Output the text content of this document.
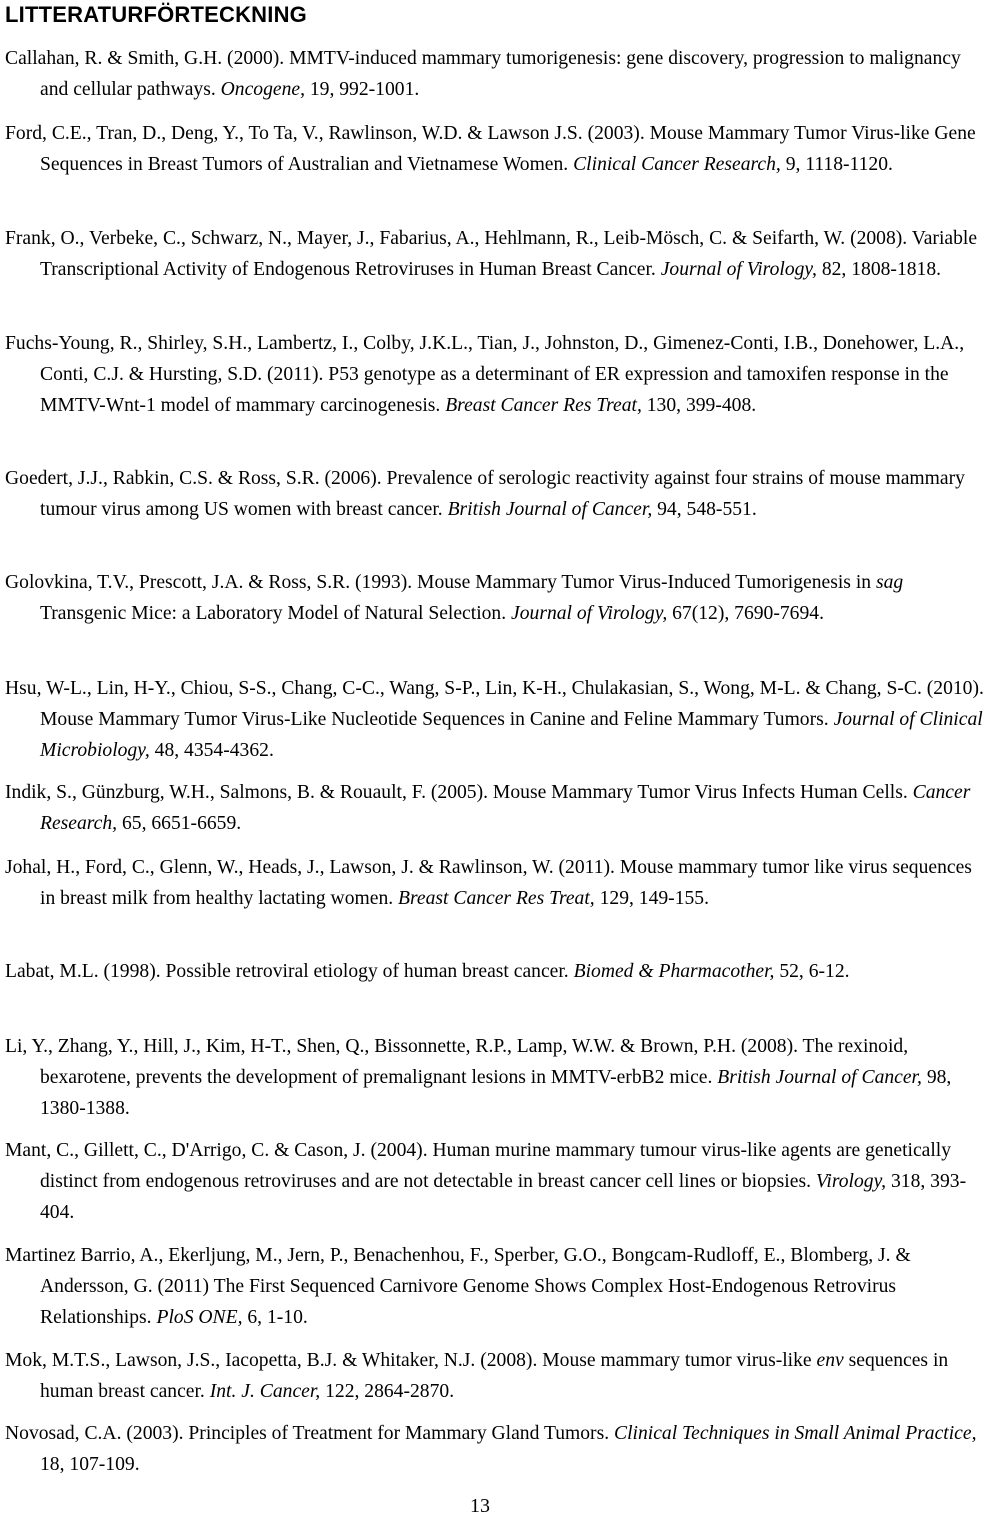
LITTERATURFÖRTECKNING
Callahan, R. & Smith, G.H. (2000). MMTV-induced mammary tumorigenesis: gene discovery, progression to malignancy and cellular pathways. Oncogene, 19, 992-1001.
Ford, C.E., Tran, D., Deng, Y., To Ta, V., Rawlinson, W.D. & Lawson J.S. (2003). Mouse Mammary Tumor Virus-like Gene Sequences in Breast Tumors of Australian and Vietnamese Women. Clinical Cancer Research, 9, 1118-1120.
Frank, O., Verbeke, C., Schwarz, N., Mayer, J., Fabarius, A., Hehlmann, R., Leib-Mösch, C. & Seifarth, W. (2008). Variable Transcriptional Activity of Endogenous Retroviruses in Human Breast Cancer. Journal of Virology, 82, 1808-1818.
Fuchs-Young, R., Shirley, S.H., Lambertz, I., Colby, J.K.L., Tian, J., Johnston, D., Gimenez-Conti, I.B., Donehower, L.A., Conti, C.J. & Hursting, S.D. (2011). P53 genotype as a determinant of ER expression and tamoxifen response in the MMTV-Wnt-1 model of mammary carcinogenesis. Breast Cancer Res Treat, 130, 399-408.
Goedert, J.J., Rabkin, C.S. & Ross, S.R. (2006). Prevalence of serologic reactivity against four strains of mouse mammary tumour virus among US women with breast cancer. British Journal of Cancer, 94, 548-551.
Golovkina, T.V., Prescott, J.A. & Ross, S.R. (1993). Mouse Mammary Tumor Virus-Induced Tumorigenesis in sag Transgenic Mice: a Laboratory Model of Natural Selection. Journal of Virology, 67(12), 7690-7694.
Hsu, W-L., Lin, H-Y., Chiou, S-S., Chang, C-C., Wang, S-P., Lin, K-H., Chulakasian, S., Wong, M-L. & Chang, S-C. (2010). Mouse Mammary Tumor Virus-Like Nucleotide Sequences in Canine and Feline Mammary Tumors. Journal of Clinical Microbiology, 48, 4354-4362.
Indik, S., Günzburg, W.H., Salmons, B. & Rouault, F. (2005). Mouse Mammary Tumor Virus Infects Human Cells. Cancer Research, 65, 6651-6659.
Johal, H., Ford, C., Glenn, W., Heads, J., Lawson, J. & Rawlinson, W. (2011). Mouse mammary tumor like virus sequences in breast milk from healthy lactating women. Breast Cancer Res Treat, 129, 149-155.
Labat, M.L. (1998). Possible retroviral etiology of human breast cancer. Biomed & Pharmacother, 52, 6-12.
Li, Y., Zhang, Y., Hill, J., Kim, H-T., Shen, Q., Bissonnette, R.P., Lamp, W.W. & Brown, P.H. (2008). The rexinoid, bexarotene, prevents the development of premalignant lesions in MMTV-erbB2 mice. British Journal of Cancer, 98, 1380-1388.
Mant, C., Gillett, C., D'Arrigo, C. & Cason, J. (2004). Human murine mammary tumour virus-like agents are genetically distinct from endogenous retroviruses and are not detectable in breast cancer cell lines or biopsies. Virology, 318, 393-404.
Martinez Barrio, A., Ekerljung, M., Jern, P., Benachenhou, F., Sperber, G.O., Bongcam-Rudloff, E., Blomberg, J. & Andersson, G. (2011) The First Sequenced Carnivore Genome Shows Complex Host-Endogenous Retrovirus Relationships. PloS ONE, 6, 1-10.
Mok, M.T.S., Lawson, J.S., Iacopetta, B.J. & Whitaker, N.J. (2008). Mouse mammary tumor virus-like env sequences in human breast cancer. Int. J. Cancer, 122, 2864-2870.
Novosad, C.A. (2003). Principles of Treatment for Mammary Gland Tumors. Clinical Techniques in Small Animal Practice, 18, 107-109.
13
